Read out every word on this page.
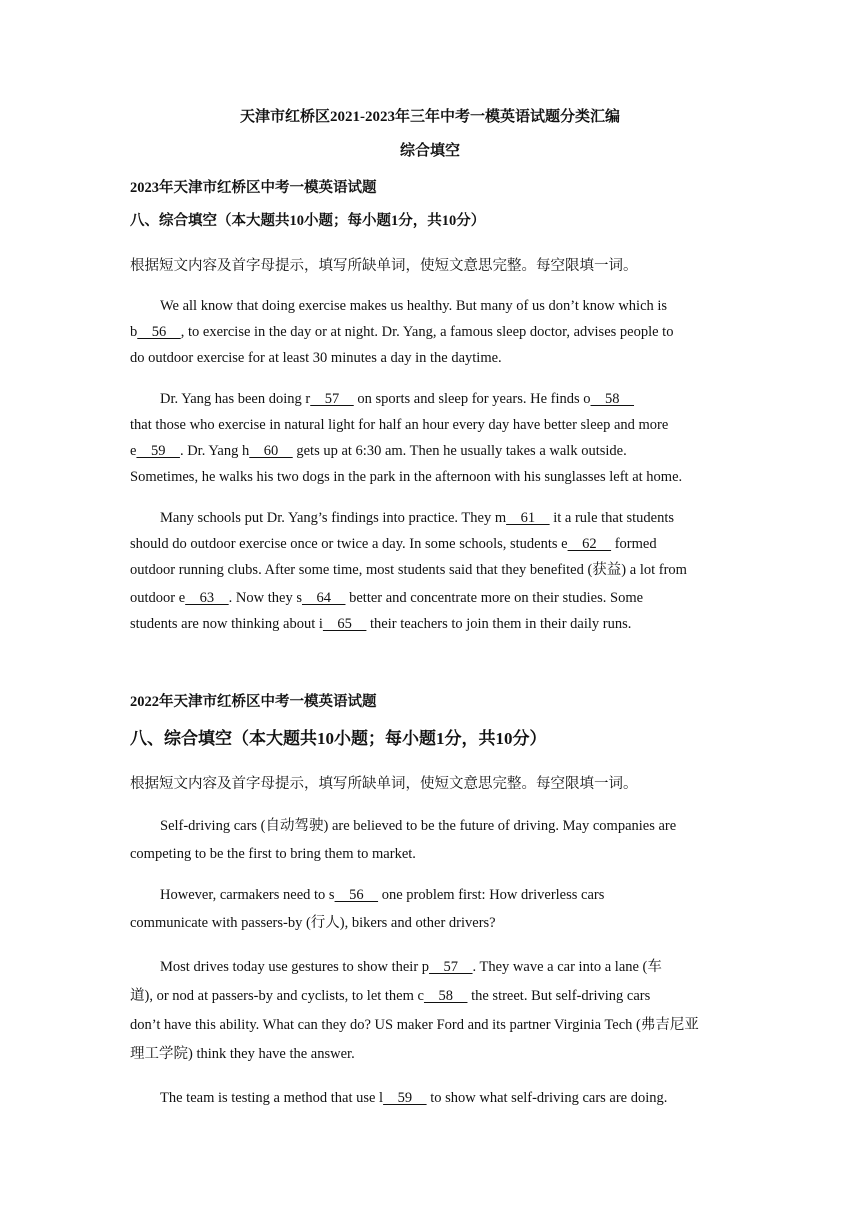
天津市红桥区2021-2023年三年中考一模英语试题分类汇编
综合填空
2023年天津市红桥区中考一模英语试题
八、综合填空（本大题共10小题；每小题1分，共10分）
根据短文内容及首字母提示，填写所缺单词，使短文意思完整。每空限填一词。
We all know that doing exercise makes us healthy. But many of us don’t know which is
b    56    , to exercise in the day or at night. Dr. Yang, a famous sleep doctor, advises people to
do outdoor exercise for at least 30 minutes a day in the daytime.
Dr. Yang has been doing r    57     on sports and sleep for years. He finds o    58
that those who exercise in natural light for half an hour every day have better sleep and more
e    59    . Dr. Yang h    60     gets up at 6:30 am. Then he usually takes a walk outside.
Sometimes, he walks his two dogs in the park in the afternoon with his sunglasses left at home.
Many schools put Dr. Yang’s findings into practice. They m    61     it a rule that students
should do outdoor exercise once or twice a day. In some schools, students e    62     formed
outdoor running clubs. After some time, most students said that they benefited (获益) a lot from
outdoor e    63    . Now they s    64     better and concentrate more on their studies. Some
students are now thinking about i    65     their teachers to join them in their daily runs.
2022年天津市红桥区中考一模英语试题
八、综合填空（本大题共10小题；每小题1分，共10分）
根据短文内容及首字母提示，填写所缺单词，使短文意思完整。每空限填一词。
Self-driving cars (自动驾驶) are believed to be the future of driving. May companies are
competing to be the first to bring them to market.
However, carmakers need to s    56     one problem first: How driverless cars
communicate with passers-by (行人), bikers and other drivers?
Most drives today use gestures to show their p    57    . They wave a car into a lane (车
道), or nod at passers-by and cyclists, to let them c    58     the street. But self-driving cars
don’t have this ability. What can they do? US maker Ford and its partner Virginia Tech (弗吉尼亚
理工学院) think they have the answer.
The team is testing a method that use l    59     to show what self-driving cars are doing.
